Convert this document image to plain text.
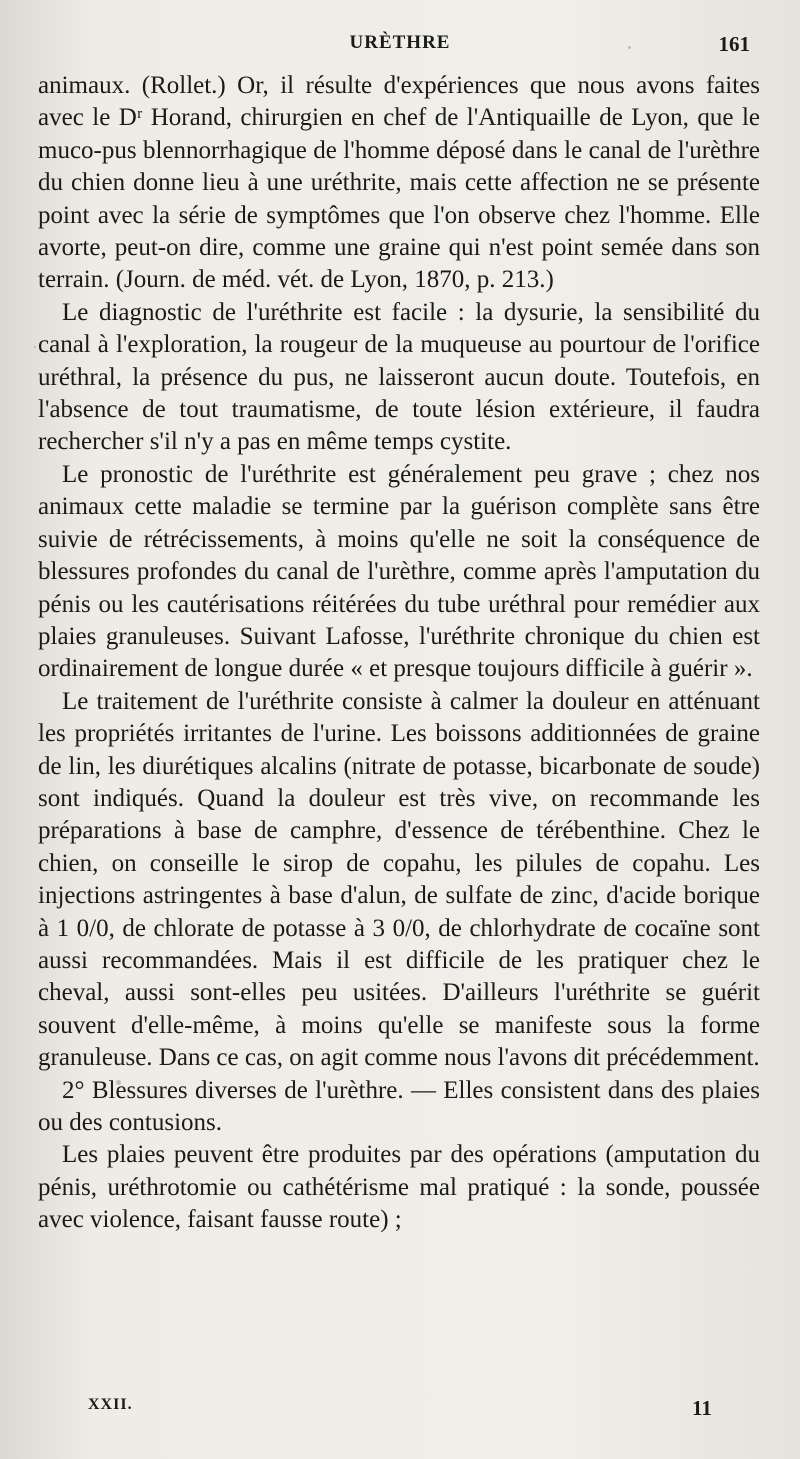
URÈTHRE	161

animaux. (Rollet.) Or, il résulte d'expériences que nous avons faites avec le Dʳ Horand, chirurgien en chef de l'Antiquaille de Lyon, que le muco-pus blennorrhagique de l'homme déposé dans le canal de l'urèthre du chien donne lieu à une uréthrite, mais cette affection ne se présente point avec la série de symptômes que l'on observe chez l'homme. Elle avorte, peut-on dire, comme une graine qui n'est point semée dans son terrain. (Journ. de méd. vét. de Lyon, 1870, p. 213.)

Le diagnostic de l'uréthrite est facile : la dysurie, la sensibilité du canal à l'exploration, la rougeur de la muqueuse au pourtour de l'orifice uréthral, la présence du pus, ne laisseront aucun doute. Toutefois, en l'absence de tout traumatisme, de toute lésion extérieure, il faudra rechercher s'il n'y a pas en même temps cystite.

Le pronostic de l'uréthrite est généralement peu grave ; chez nos animaux cette maladie se termine par la guérison complète sans être suivie de rétrécissements, à moins qu'elle ne soit la conséquence de blessures profondes du canal de l'urèthre, comme après l'amputation du pénis ou les cautérisations réitérées du tube uréthral pour remédier aux plaies granuleuses. Suivant Lafosse, l'uréthrite chronique du chien est ordinairement de longue durée « et presque toujours difficile à guérir ».

Le traitement de l'uréthrite consiste à calmer la douleur en atténuant les propriétés irritantes de l'urine. Les boissons additionnées de graine de lin, les diurétiques alcalins (nitrate de potasse, bicarbonate de soude) sont indiqués. Quand la douleur est très vive, on recommande les préparations à base de camphre, d'essence de térébenthine. Chez le chien, on conseille le sirop de copahu, les pilules de copahu. Les injections astringentes à base d'alun, de sulfate de zinc, d'acide borique à 1 0/0, de chlorate de potasse à 3 0/0, de chlorhydrate de cocaïne sont aussi recommandées. Mais il est difficile de les pratiquer chez le cheval, aussi sont-elles peu usitées. D'ailleurs l'uréthrite se guérit souvent d'elle-même, à moins qu'elle se manifeste sous la forme granuleuse. Dans ce cas, on agit comme nous l'avons dit précédemment.

2° Blessures diverses de l'urèthre. — Elles consistent dans des plaies ou des contusions.

Les plaies peuvent être produites par des opérations (amputation du pénis, uréthrotomie ou cathétérisme mal pratiqué : la sonde, poussée avec violence, faisant fausse route) ;

XXII.	11
